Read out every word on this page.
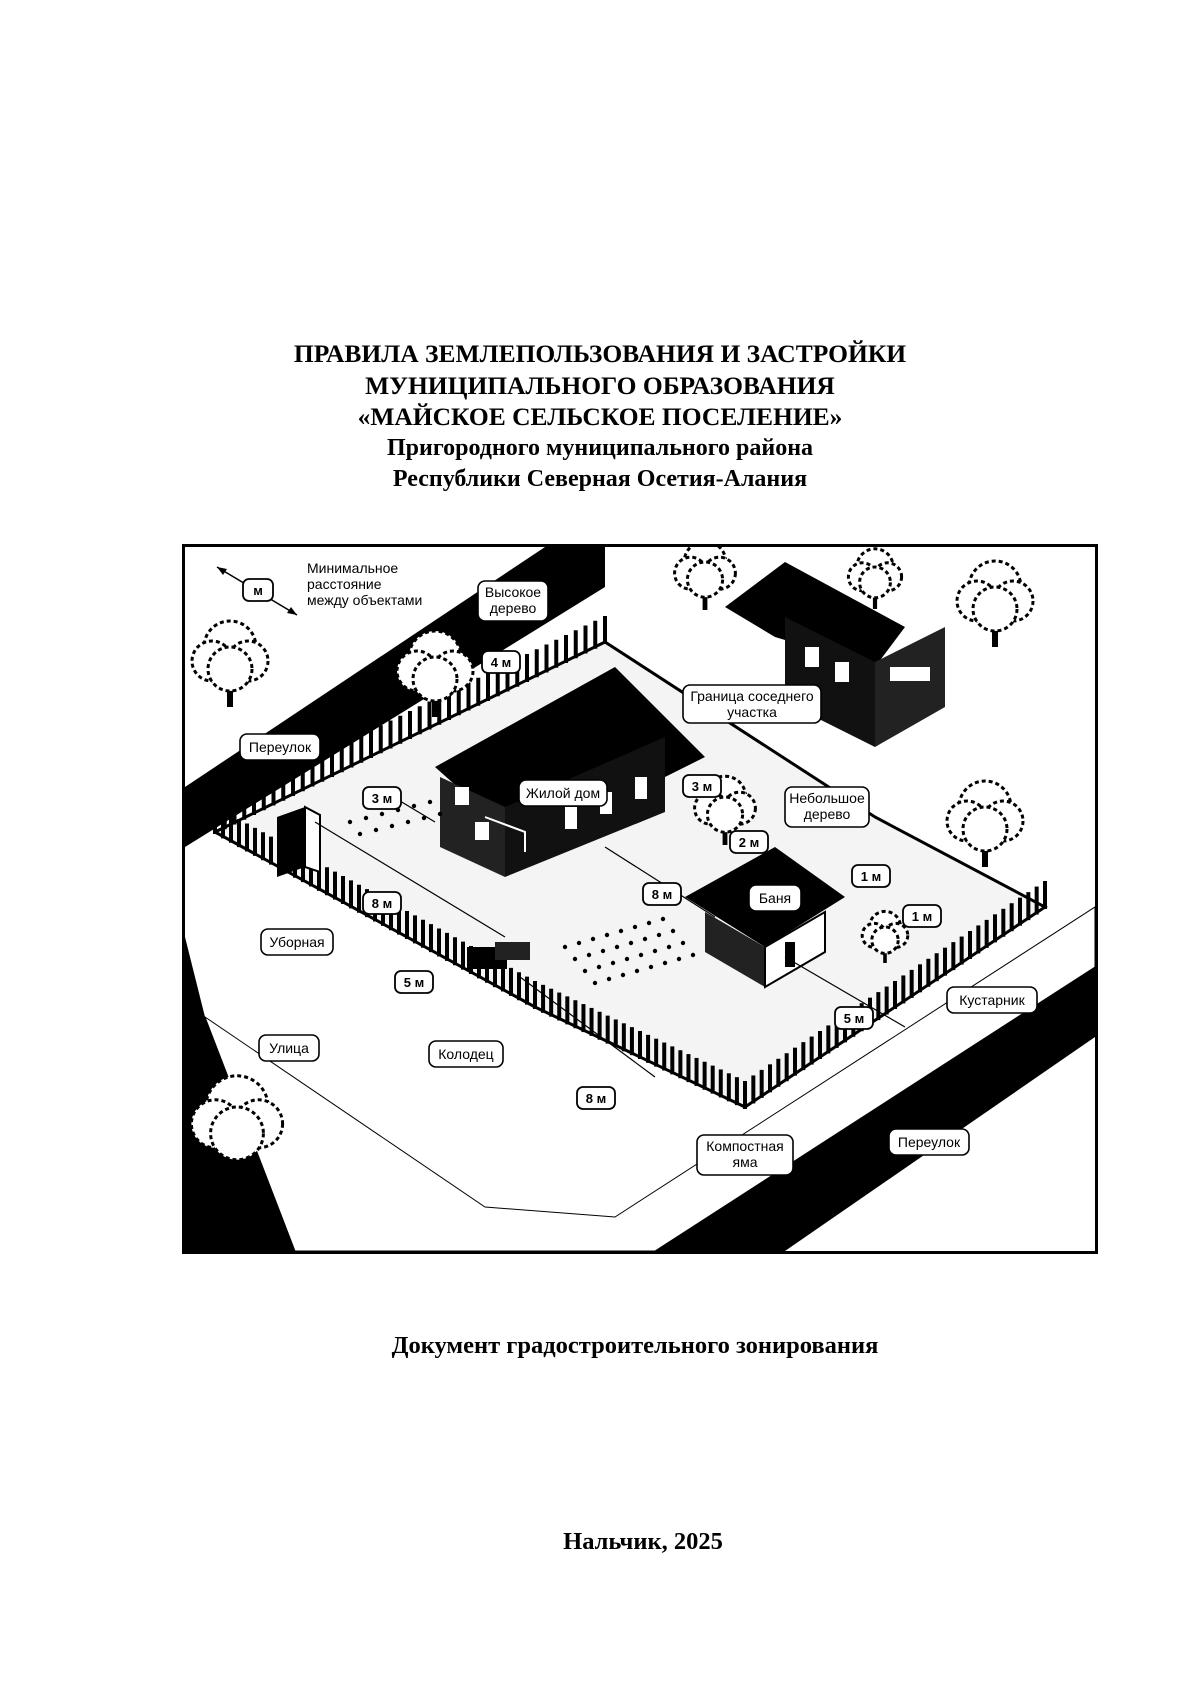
ПРАВИЛА ЗЕМЛЕПОЛЬЗОВАНИЯ И ЗАСТРОЙКИ
МУНИЦИПАЛЬНОГО ОБРАЗОВАНИЯ
«МАЙСКОЕ СЕЛЬСКОЕ ПОСЕЛЕНИЕ»
Пригородного муниципального района
Республики Северная Осетия-Алания
м
Минимальное
расстояние
между объектами	Высокое
дерево
Граница соседнего
участка
Переулок
Жилой дом	Небольшое
дерево
Баня
Уборная
Кустарник
Улица	Колодец
Компостная
яма
Переулок
4 м
3 м
3 м
2 м
1 м
1 м
8 м
8 м
5 м
5 м
8 м
Документ градостроительного зонирования
Нальчик, 2025
